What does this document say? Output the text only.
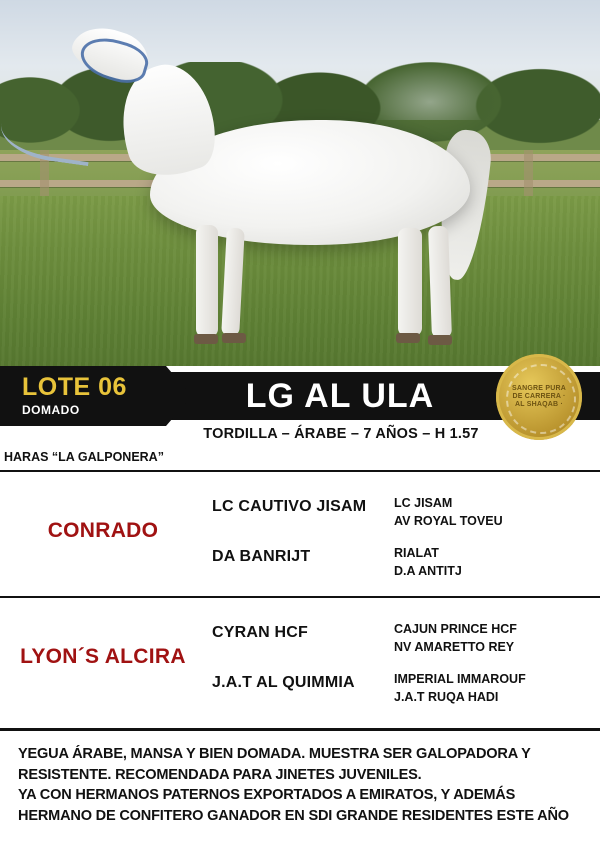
LOTE 06
DOMADO	LG AL ULA
TORDILLA – ÁRABE – 7 AÑOS – H 1.57
HARAS “LA GALPONERA”
SANGRE PURA DE CARRERA · AL SHAQAB ·
CONRADO
LC CAUTIVO JISAM
DA BANRIJT
LC JISAM
AV ROYAL TOVEU
RIALAT
D.A ANTITJ
LYON´S ALCIRA
CYRAN HCF
J.A.T AL QUIMMIA
CAJUN PRINCE HCF
NV AMARETTO REY
IMPERIAL IMMAROUF
J.A.T RUQA HADI

YEGUA ÁRABE, MANSA Y BIEN DOMADA. MUESTRA SER GALOPADORA Y
RESISTENTE. RECOMENDADA PARA JINETES JUVENILES.
YA CON HERMANOS PATERNOS EXPORTADOS A EMIRATOS, Y ADEMÁS
HERMANO DE CONFITERO GANADOR EN SDI GRANDE RESIDENTES ESTE AÑO
